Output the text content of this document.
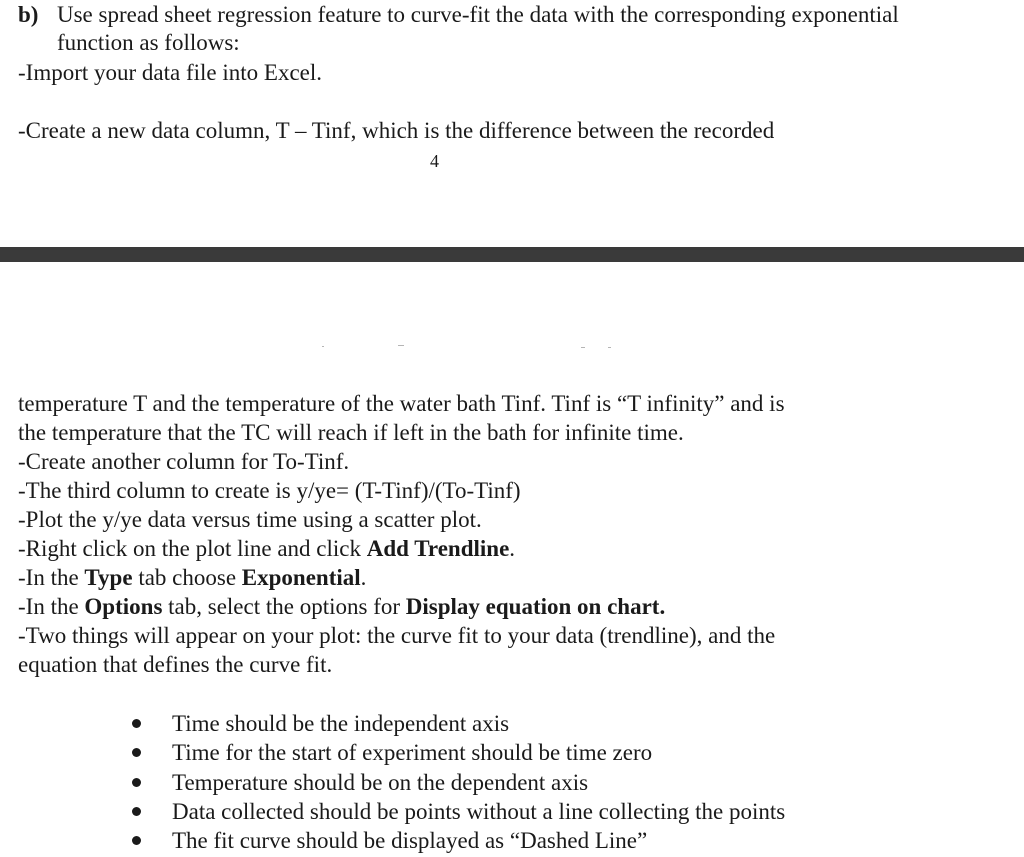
b) Use spread sheet regression feature to curve-fit the data with the corresponding exponential
function as follows:
-Import your data file into Excel.
-Create a new data column, T – Tinf, which is the difference between the recorded
4
temperature T and the temperature of the water bath Tinf. Tinf is “T infinity” and is
the temperature that the TC will reach if left in the bath for infinite time.
-Create another column for To-Tinf.
-The third column to create is y/ye= (T-Tinf)/(To-Tinf)
-Plot the y/ye data versus time using a scatter plot.
-Right click on the plot line and click Add Trendline.
-In the Type tab choose Exponential.
-In the Options tab, select the options for Display equation on chart.
-Two things will appear on your plot: the curve fit to your data (trendline), and the
equation that defines the curve fit.
Time should be the independent axis
Time for the start of experiment should be time zero
Temperature should be on the dependent axis
Data collected should be points without a line collecting the points
The fit curve should be displayed as “Dashed Line”
